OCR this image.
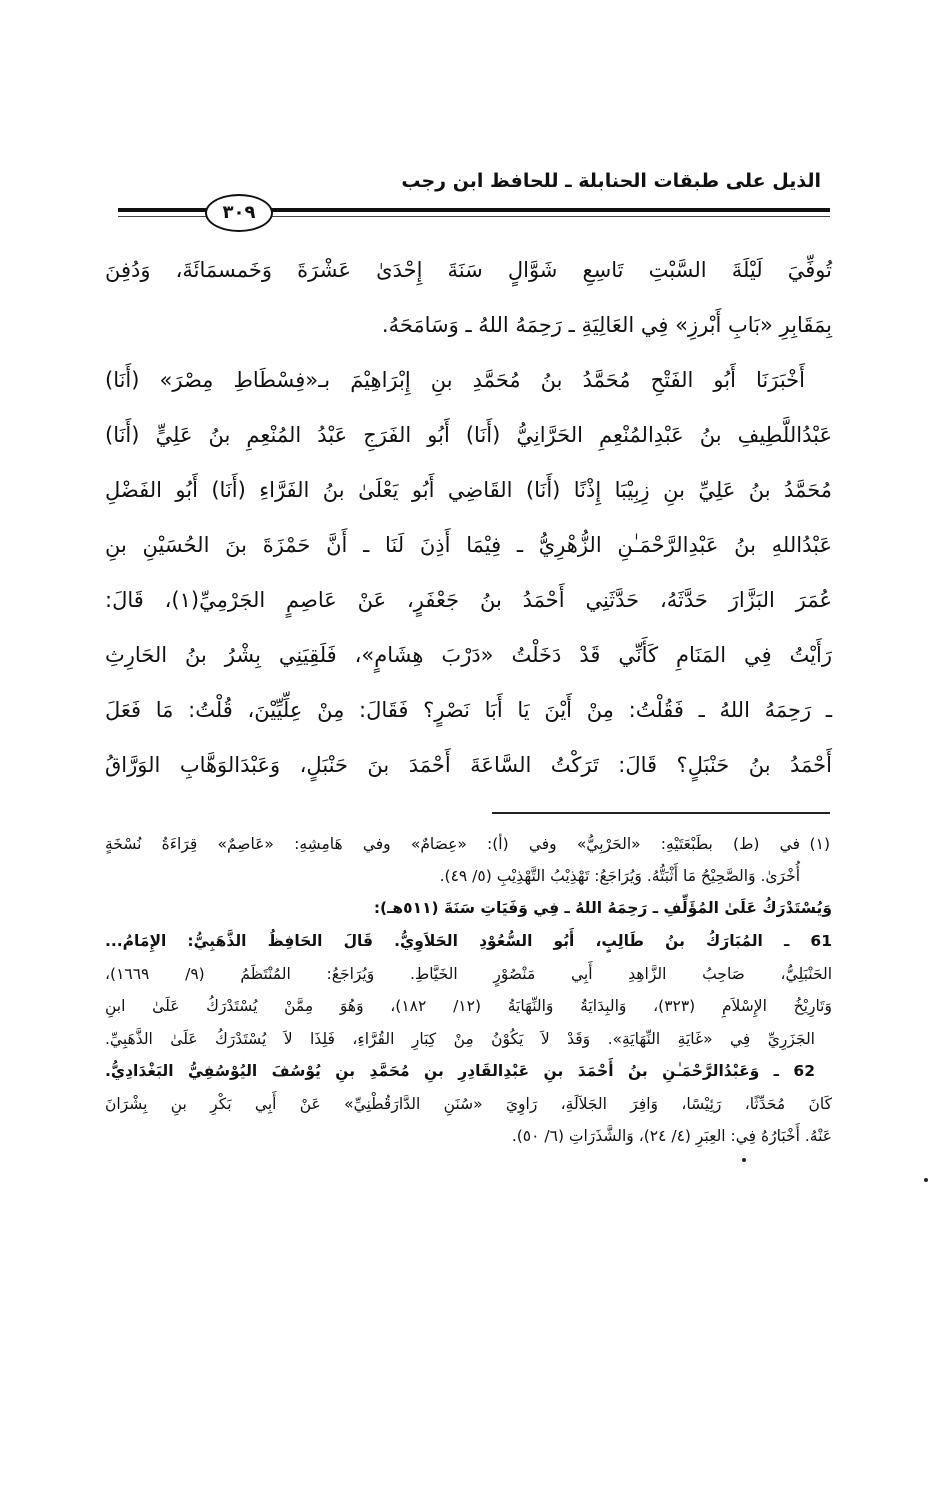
الذيل على طبقات الحنابلة ـ للحافظ ابن رجب
٣٠٩
تُوفِّيَ لَيْلَةَ السَّبْتِ تَاسِعِ شَوَّالٍ سَنَةَ إِحْدَىٰ عَشْرَةَ وَخَمسمَائَةَ، وَدُفِنَ
بِمَقَابِرِ «بَابِ أَبْرزِ» فِي العَالِيَةِ ـ رَحِمَهُ اللهُ ـ وَسَامَحَهُ.
أَخْبَرَنَا أَبُو الفَتْحِ مُحَمَّدُ بنُ مُحَمَّدِ بنِ إِبْرَاهِيْمَ بـ«فِسْطَاطِ مِصْرَ» (أَنَا)
عَبْدُاللَّطِيفِ بنُ عَبْدِالمُنْعِمِ الحَرَّانِيُّ (أَنَا) أَبُو الفَرَجِ عَبْدُ المُنْعِمِ بنُ عَلِيٍّ (أَنَا)
مُحَمَّدُ بنُ عَلِيِّ بنِ زِبِيْبَا إِذْنًا (أَنَا) القَاضِي أَبُو يَعْلَىٰ بنُ الفَرَّاءِ (أَنَا) أَبُو الفَضْلِ
عَبْدُاللهِ بنُ عَبْدِالرَّحْمَـٰنِ الزُّهْرِيُّ ـ فِيْمَا أَذِنَ لَنَا ـ أَنَّ حَمْزَةَ بنَ الحُسَيْنِ بنِ
عُمَرَ البَزَّارَ حَدَّثَهُ، حَدَّثَنِي أَحْمَدُ بنُ جَعْفَرٍ، عَنْ عَاصِمٍ الجَرْمِيِّ(١)، قَالَ:
رَأَيْتُ فِي المَنَامِ كَأَنِّي قَدْ دَخَلْتُ «دَرْبَ هِشَامٍ»، فَلَقِيَنِي بِشْرُ بنُ الحَارِثِ
ـ رَحِمَهُ اللهُ ـ فَقُلْتُ: مِنْ أَيْنَ يَا أَبَا نَصْرٍ؟ فَقَالَ: مِنْ عِلِّيِّيْنَ، قُلْتُ: مَا فَعَلَ
أَحْمَدُ بنُ حَنْبَلٍ؟ قَالَ: تَرَكْتُ السَّاعَةَ أَحْمَدَ بنَ حَنْبَلٍ، وَعَبْدَالوَهَّابِ الوَرَّاقُ
(١)
في (ط) بطَبْعَتَيْهِ: «الحَرْبِيُّ» وفي (أ): «عِصَامٌ» وفي هَامِشِهِ: «عَاصِمٌ» قِرَاءَةُ نُسْخَةٍ
أُخْرَىٰ. وَالصَّحِيْحُ مَا أَثْبَتُّهُ. وَيُرَاجَعُ: تَهْذِيْبُ التَّهْذِيْبِ (٥/ ٤٩).
وَيُسْتَدْرَكُ عَلَىٰ المُؤَلِّفِ ـ رَحِمَهُ اللهُ ـ فِي وَفَيَاتِ سَنَةَ (٥١١هـ):
61 ـ المُبَارَكُ بنُ طَالِبٍ، أَبُو السُّعُوْدِ الحَلاَوِيُّ. قَالَ الحَافِظُ الذَّهَبِيُّ: الإِمَامُ...
الحَنْبَلِيُّ، صَاحِبُ الزَّاهِدِ أَبِي مَنْصُوْرٍ الخَيَّاطِ. وَيُرَاجَعُ: المُنْتَظَمُ (٩/ ١٦٦٩)،
وَتَارِيْخُ الإِسْلاَمِ (٣٢٣)، وَالبِدَايَةُ وَالنِّهَايَةُ (١٢/ ١٨٢)، وَهُوَ مِمَّنْ يُسْتَدْرَكُ عَلَىٰ ابنِ
الجَزَرِيِّ فِي «غَايَةِ النِّهَايَةِ». وَقَدْ لاَ يَكُوْنُ مِنْ كِبَارِ القُرَّاءِ، فَلِذَا لاَ يُسْتَدْرَكُ عَلَىٰ الذَّهَبِيِّ.
62 ـ وَعَبْدُالرَّحْمَـٰنِ بنُ أَحْمَدَ بنِ عَبْدِالقَادِرِ بنِ مُحَمَّدِ بنِ يُوْسُفَ اليُوْسُفِيُّ البَغْدَادِيُّ.
كَانَ مُحَدِّثًا، رَئِيْسًا، وَافِرَ الجَلاَلَةِ، رَاوِيَ «سُنَنِ الدَّارَقُطْنِيِّ» عَنْ أَبِي بَكْرِ بنِ بِشْرَانَ
عَنْهُ. أَخْبَارُهُ فِي: العِبَرِ (٤/ ٢٤)، وَالشَّذَرَاتِ (٦/ ٥٠).
